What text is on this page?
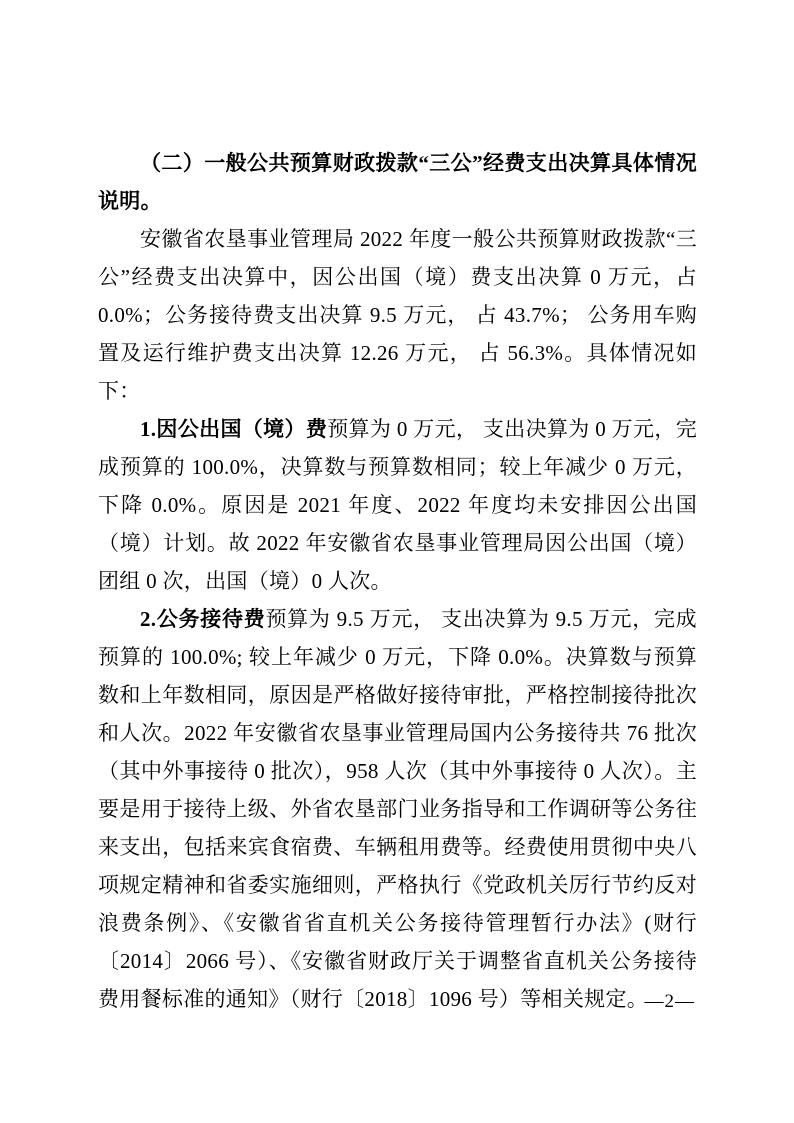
（二）一般公共预算财政拨款“三公”经费支出决算具体情况说明。

安徽省农垦事业管理局 2022 年度一般公共预算财政拨款“三公”经费支出决算中，因公出国（境）费支出决算 0 万元，占 0.0%；公务接待费支出决算 9.5 万元， 占 43.7%； 公务用车购置及运行维护费支出决算 12.26 万元， 占 56.3%。具体情况如下：

1.因公出国（境）费预算为 0 万元， 支出决算为 0 万元，完成预算的 100.0%，决算数与预算数相同；较上年减少 0 万元，下降 0.0%。原因是 2021 年度、2022 年度均未安排因公出国（境）计划。故 2022 年安徽省农垦事业管理局因公出国（境）团组 0 次，出国（境）0 人次。

2.公务接待费预算为 9.5 万元， 支出决算为 9.5 万元，完成预算的 100.0%; 较上年减少 0 万元，下降 0.0%。决算数与预算数和上年数相同，原因是严格做好接待审批，严格控制接待批次和人次。2022 年安徽省农垦事业管理局国内公务接待共 76 批次（其中外事接待 0 批次），958 人次（其中外事接待 0 人次）。主要是用于接待上级、外省农垦部门业务指导和工作调研等公务往来支出，包括来宾食宿费、车辆租用费等。经费使用贯彻中央八项规定精神和省委实施细则，严格执行《党政机关厉行节约反对浪费条例》、《安徽省省直机关公务接待管理暂行办法》(财行〔2014〕2066 号）、《安徽省财政厅关于调整省直机关公务接待费用餐标准的通知》（财行〔2018〕1096 号）等相关规定。

—2—
